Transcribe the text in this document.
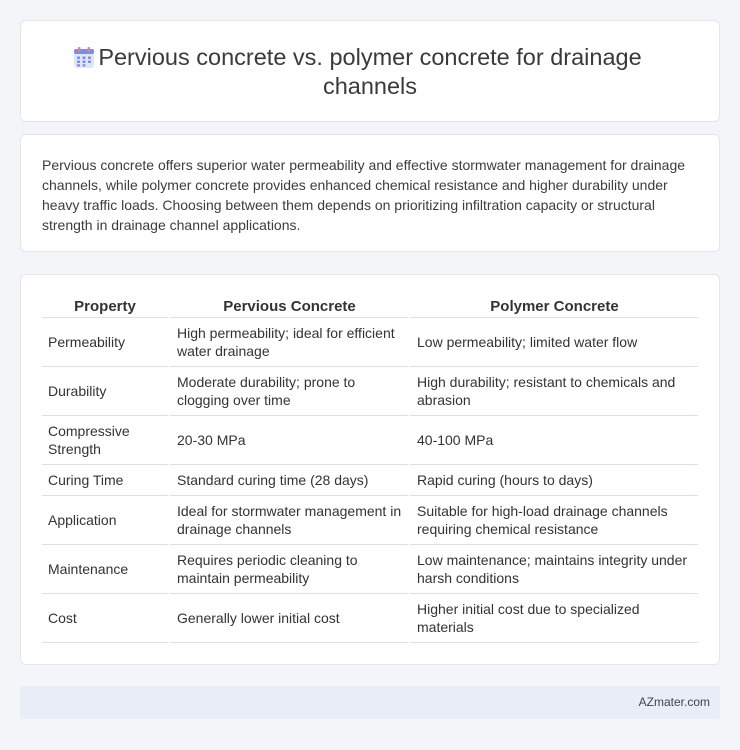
Pervious concrete vs. polymer concrete for drainage channels

Pervious concrete offers superior water permeability and effective stormwater management for drainage channels, while polymer concrete provides enhanced chemical resistance and higher durability under heavy traffic loads. Choosing between them depends on prioritizing infiltration capacity or structural strength in drainage channel applications.

Property	Pervious Concrete	Polymer Concrete
Permeability	High permeability; ideal for efficient water drainage	Low permeability; limited water flow
Durability	Moderate durability; prone to clogging over time	High durability; resistant to chemicals and abrasion
Compressive Strength	20-30 MPa	40-100 MPa
Curing Time	Standard curing time (28 days)	Rapid curing (hours to days)
Application	Ideal for stormwater management in drainage channels	Suitable for high-load drainage channels requiring chemical resistance
Maintenance	Requires periodic cleaning to maintain permeability	Low maintenance; maintains integrity under harsh conditions
Cost	Generally lower initial cost	Higher initial cost due to specialized materials
AZmater.com
